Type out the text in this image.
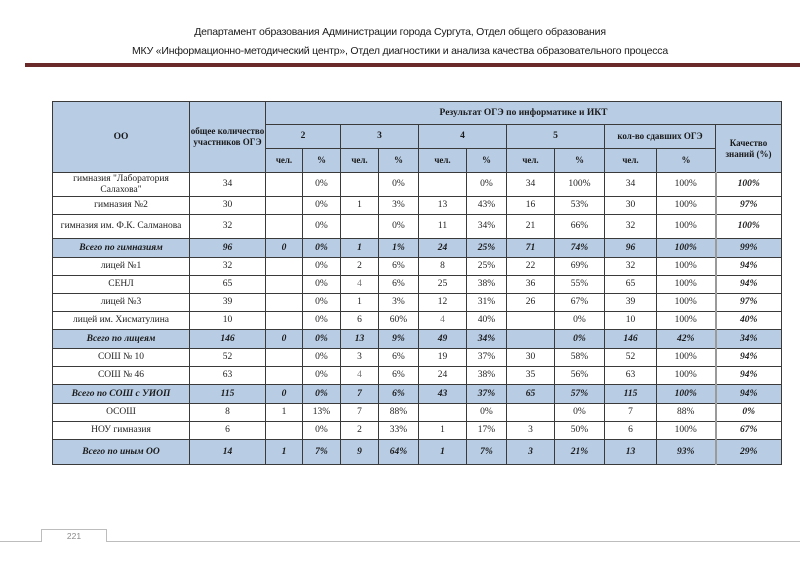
Департамент образования Администрации города Сургута, Отдел общего образования
МКУ «Информационно-методический центр», Отдел диагностики и анализа качества образовательного процесса
ОО	общее количество участников ОГЭ	Результат ОГЭ по информатике и ИКТ										
		2		3		4		5		кол-во сдавших ОГЭ		Качество знаний (%)
		чел.	%	чел.	%	чел.	%	чел.	%	чел.	%	
гимназия "Лаборатория Салахова"	34		0%		0%		0%	34	100%	34	100%	100%
гимназия №2	30		0%	1	3%	13	43%	16	53%	30	100%	97%
гимназия им. Ф.К. Салманова	32		0%		0%	11	34%	21	66%	32	100%	100%
Всего по гимназиям	96	0	0%	1	1%	24	25%	71	74%	96	100%	99%
лицей №1	32		0%	2	6%	8	25%	22	69%	32	100%	94%
СЕНЛ	65		0%	4	6%	25	38%	36	55%	65	100%	94%
лицей №3	39		0%	1	3%	12	31%	26	67%	39	100%	97%
лицей им. Хисматулина	10		0%	6	60%	4	40%		0%	10	100%	40%
Всего по лицеям	146	0	0%	13	9%	49	34%		0%	146	42%	34%
СОШ № 10	52		0%	3	6%	19	37%	30	58%	52	100%	94%
СОШ № 46	63		0%	4	6%	24	38%	35	56%	63	100%	94%
Всего по СОШ с УИОП	115	0	0%	7	6%	43	37%	65	57%	115	100%	94%
ОСОШ	8	1	13%	7	88%		0%		0%	7	88%	0%
НОУ гимназия	6		0%	2	33%	1	17%	3	50%	6	100%	67%
Всего по иным ОО	14	1	7%	9	64%	1	7%	3	21%	13	93%	29%
221
